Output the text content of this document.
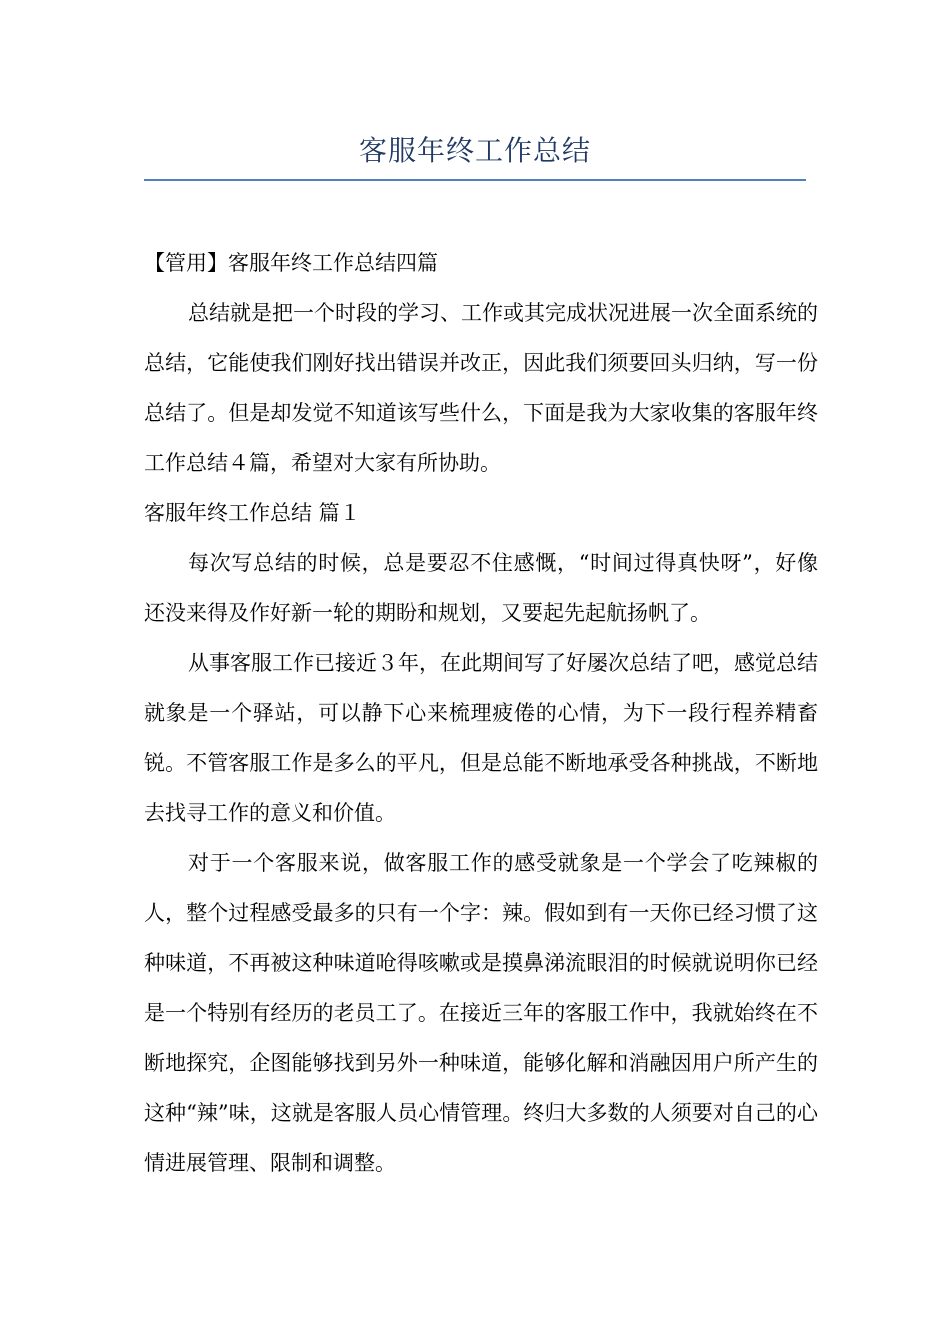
客服年终工作总结

【管用】客服年终工作总结四篇

总结就是把一个时段的学习、工作或其完成状况进展一次全面系统的总结，它能使我们刚好找出错误并改正，因此我们须要回头归纳，写一份总结了。但是却发觉不知道该写些什么，下面是我为大家收集的客服年终工作总结４篇，希望对大家有所协助。

客服年终工作总结 篇１

每次写总结的时候，总是要忍不住感慨，“时间过得真快呀”，好像还没来得及作好新一轮的期盼和规划，又要起先起航扬帆了。

从事客服工作已接近３年，在此期间写了好屡次总结了吧，感觉总结就象是一个驿站，可以静下心来梳理疲倦的心情，为下一段行程养精畜锐。不管客服工作是多么的平凡，但是总能不断地承受各种挑战，不断地去找寻工作的意义和价值。

对于一个客服来说，做客服工作的感受就象是一个学会了吃辣椒的人，整个过程感受最多的只有一个字：辣。假如到有一天你已经习惯了这种味道，不再被这种味道呛得咳嗽或是摸鼻涕流眼泪的时候就说明你已经是一个特别有经历的老员工了。在接近三年的客服工作中，我就始终在不断地探究，企图能够找到另外一种味道，能够化解和消融因用户所产生的这种“辣”味，这就是客服人员心情管理。终归大多数的人须要对自己的心情进展管理、限制和调整。
